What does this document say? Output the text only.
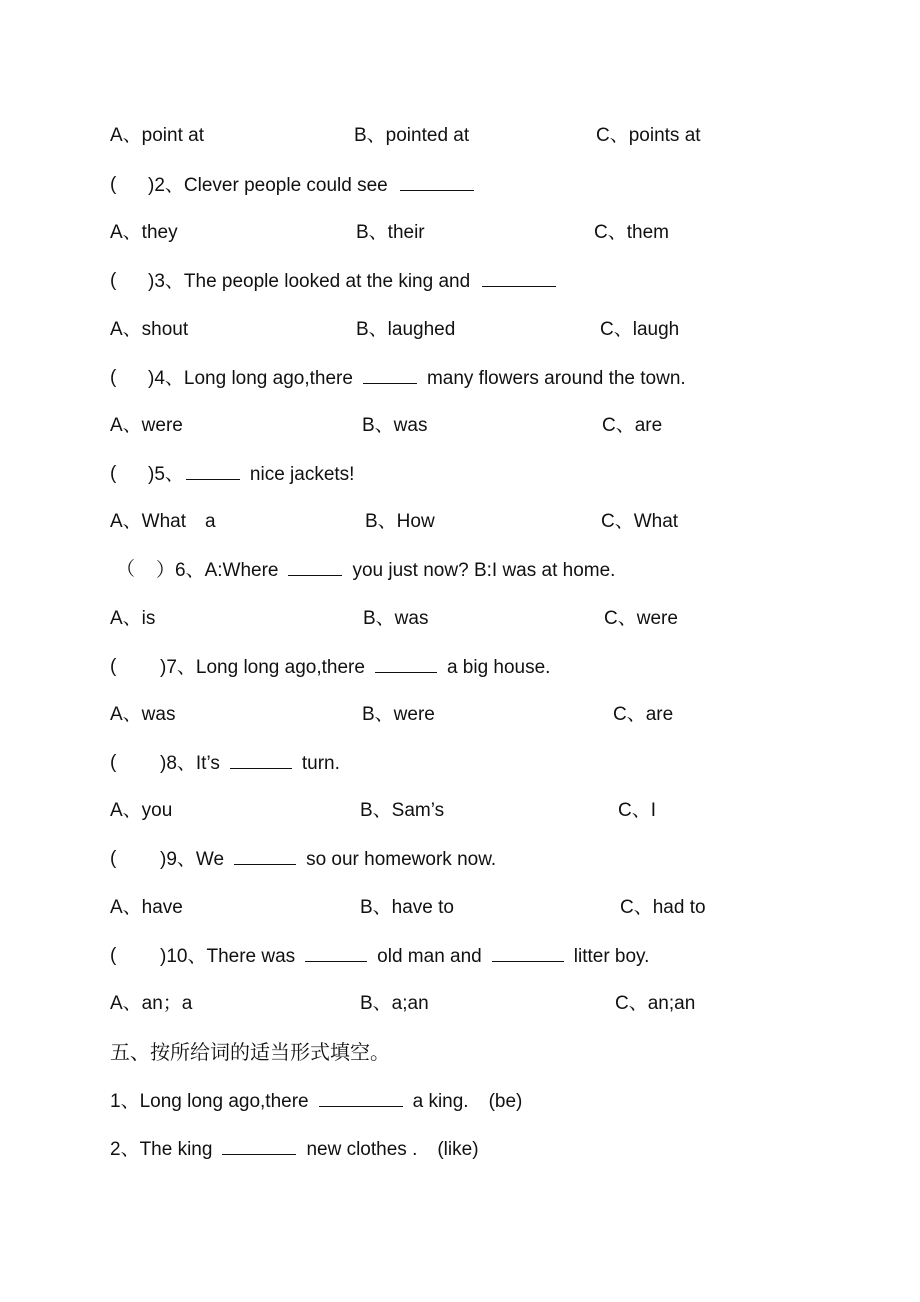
A、point at	B、pointed at	C、points at
( )2、Clever people could see
A、they	B、their	C、them
( )3、The people looked at the king and
A、shout	B、laughed	C、laugh
( )4、Long long ago,there	many flowers around the town.
A、were	B、was	C、are
( )5、	nice jackets!
A、What　a	B、How	C、What
（ ）6、A:Where	you just now? B:I was at home.
A、is	B、was	C、were
( )7、Long long ago,there	a big house.
A、was	B、were	C、are
( )8、It’s	turn.
A、you	B、Sam’s	C、I
( )9、We	so our homework now.
A、have	B、have to	C、had to
( )10、There was	old man and	litter boy.
A、an；a	B、a;an	C、an;an
五、按所给词的适当形式填空。
1、Long long ago,there	a king. (be)
2、The king	new clothes . (like)
